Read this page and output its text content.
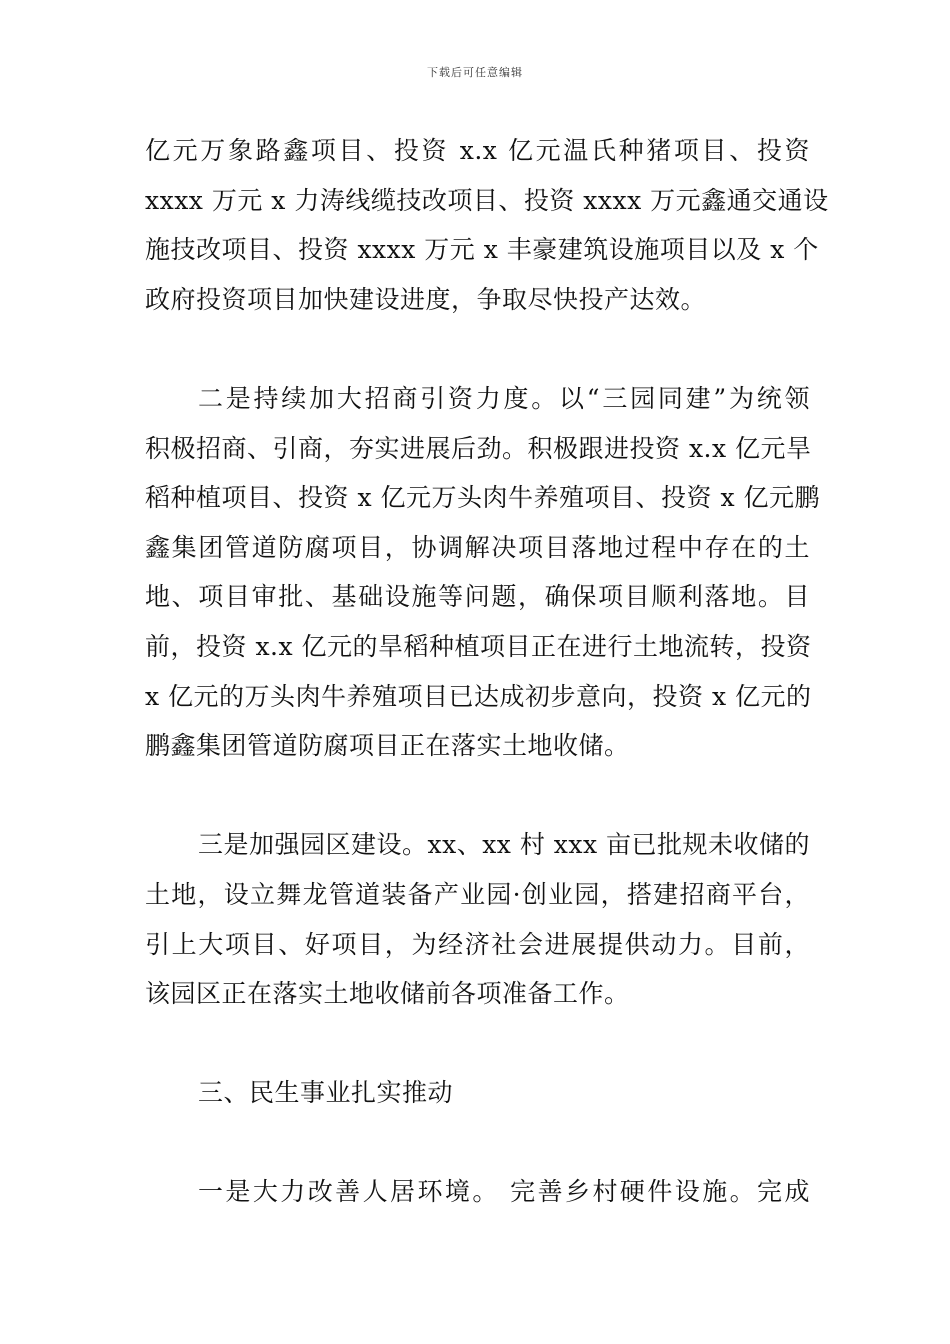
下载后可任意编辑
亿元万象路鑫项目、投资 x.x 亿元温氏种猪项目、投资
xxxx 万元 x 力涛线缆技改项目、投资 xxxx 万元鑫通交通设
施技改项目、投资 xxxx 万元 x 丰豪建筑设施项目以及 x 个
政府投资项目加快建设进度，争取尽快投产达效。
二是持续加大招商引资力度。以“三园同建”为统领
积极招商、引商，夯实进展后劲。积极跟进投资 x.x 亿元旱
稻种植项目、投资 x 亿元万头肉牛养殖项目、投资 x 亿元鹏
鑫集团管道防腐项目，协调解决项目落地过程中存在的土
地、项目审批、基础设施等问题，确保项目顺利落地。目
前，投资 x.x 亿元的旱稻种植项目正在进行土地流转，投资
x 亿元的万头肉牛养殖项目已达成初步意向，投资 x 亿元的
鹏鑫集团管道防腐项目正在落实土地收储。
三是加强园区建设。xx、xx 村 xxx 亩已批规未收储的
土地，设立舞龙管道装备产业园·创业园，搭建招商平台，
引上大项目、好项目，为经济社会进展提供动力。目前，
该园区正在落实土地收储前各项准备工作。
三、民生事业扎实推动
一是大力改善人居环境。 完善乡村硬件设施。完成
